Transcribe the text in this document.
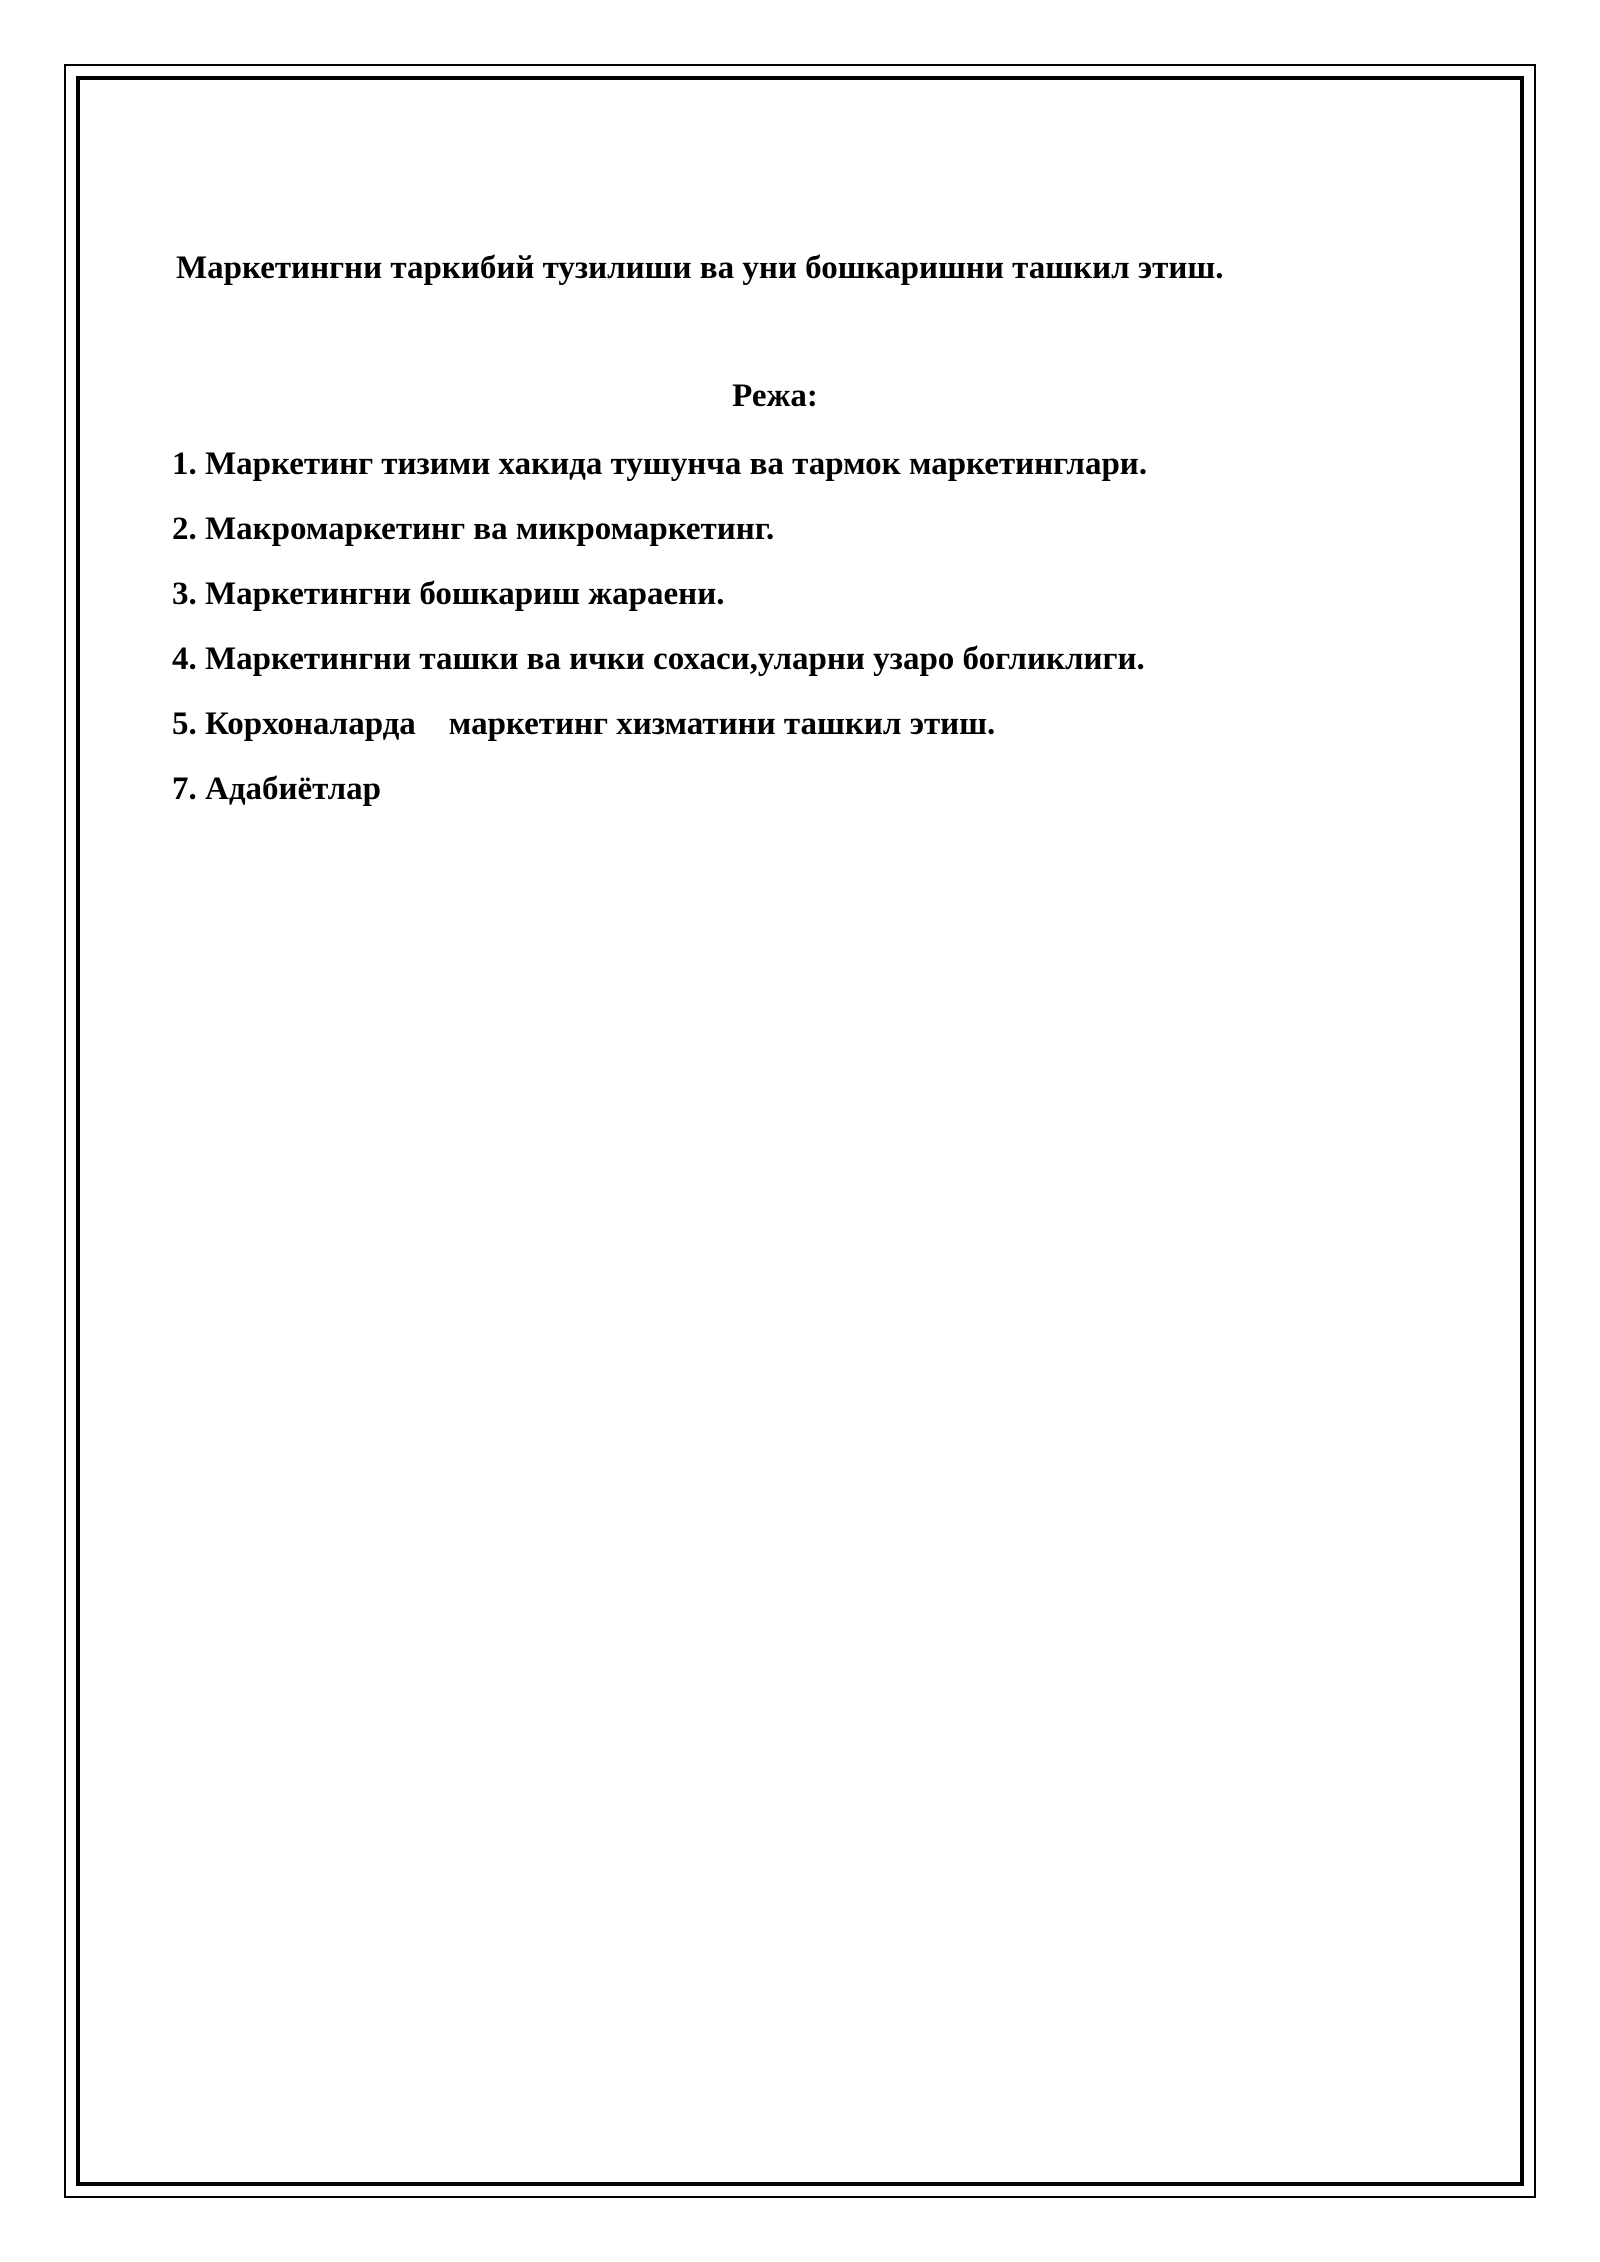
Маркетингни таркибий тузилиши ва уни бошкаришни ташкил этиш.
Режа:
1. Маркетинг тизими хакида тушунча ва тармок маркетинглари.
2. Макромаркетинг ва микромаркетинг.
3. Маркетингни бошкариш жараени.
4. Маркетингни ташки ва ички сохаси,уларни узаро богликлиги.
5. Корхоналарда    маркетинг хизматини ташкил этиш.
7. Адабиётлар
